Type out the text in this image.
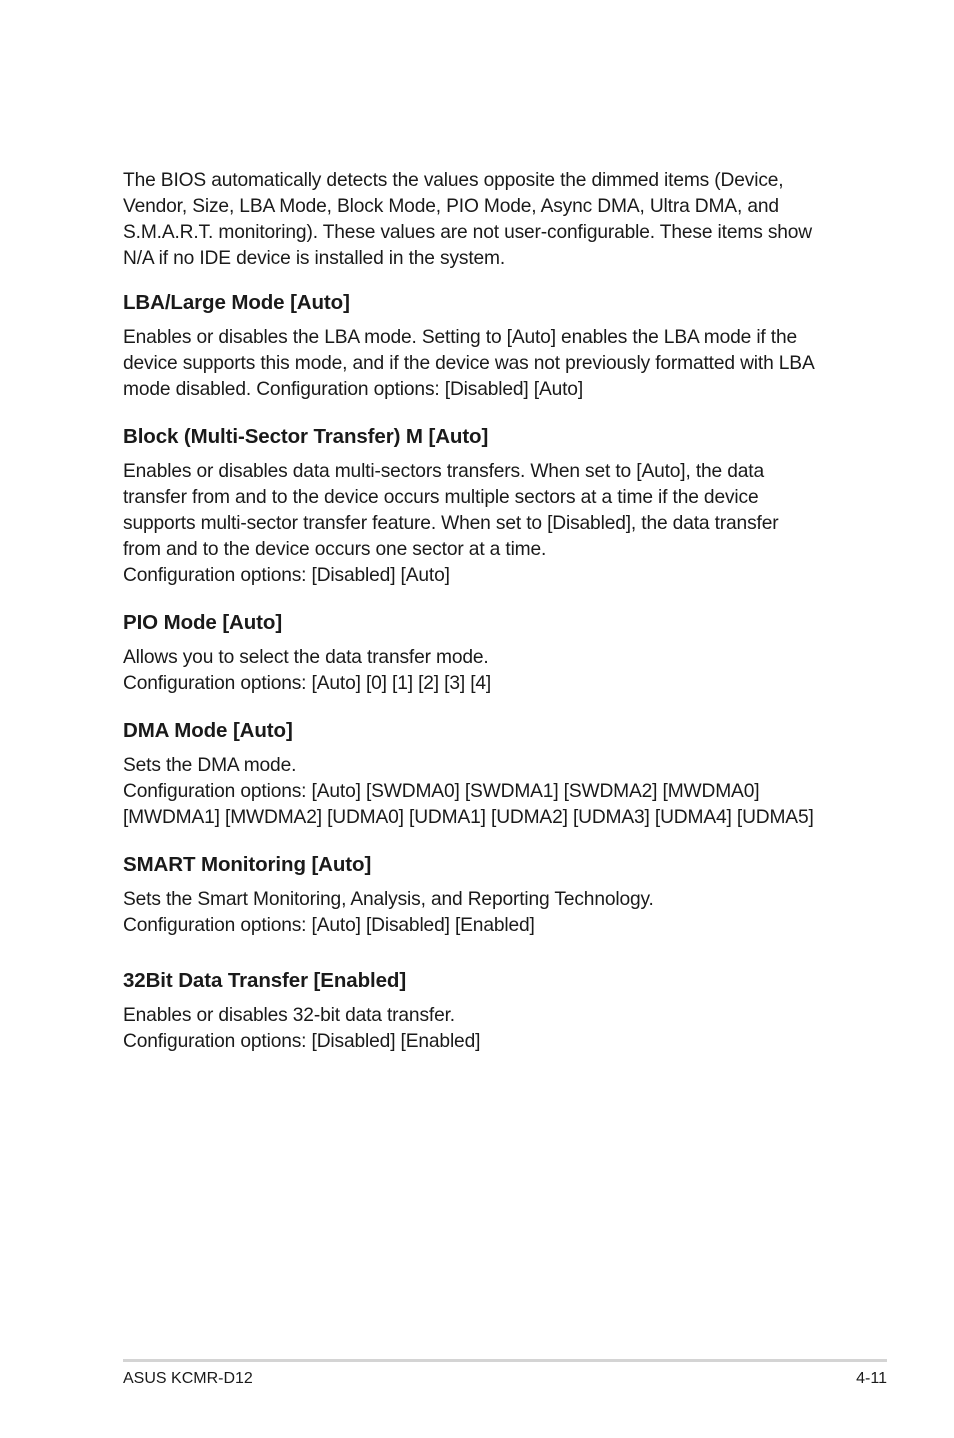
The BIOS automatically detects the values opposite the dimmed items (Device,
Vendor, Size, LBA Mode, Block Mode, PIO Mode, Async DMA, Ultra DMA, and
S.M.A.R.T. monitoring). These values are not user-configurable. These items show
N/A if no IDE device is installed in the system.

LBA/Large Mode [Auto]

Enables or disables the LBA mode. Setting to [Auto] enables the LBA mode if the
device supports this mode, and if the device was not previously formatted with LBA
mode disabled. Configuration options: [Disabled] [Auto]

Block (Multi-Sector Transfer) M [Auto]

Enables or disables data multi-sectors transfers. When set to [Auto], the data
transfer from and to the device occurs multiple sectors at a time if the device
supports multi-sector transfer feature. When set to [Disabled], the data transfer
from and to the device occurs one sector at a time.
Configuration options: [Disabled] [Auto]

PIO Mode [Auto]

Allows you to select the data transfer mode.
Configuration options: [Auto] [0] [1] [2] [3] [4]

DMA Mode [Auto]

Sets the DMA mode.
Configuration options: [Auto] [SWDMA0] [SWDMA1] [SWDMA2] [MWDMA0]
[MWDMA1] [MWDMA2] [UDMA0] [UDMA1] [UDMA2] [UDMA3] [UDMA4] [UDMA5]

SMART Monitoring [Auto]

Sets the Smart Monitoring, Analysis, and Reporting Technology.
Configuration options: [Auto] [Disabled] [Enabled]

32Bit Data Transfer [Enabled]

Enables or disables 32-bit data transfer.
Configuration options: [Disabled] [Enabled]

ASUS KCMR-D12	4-11
